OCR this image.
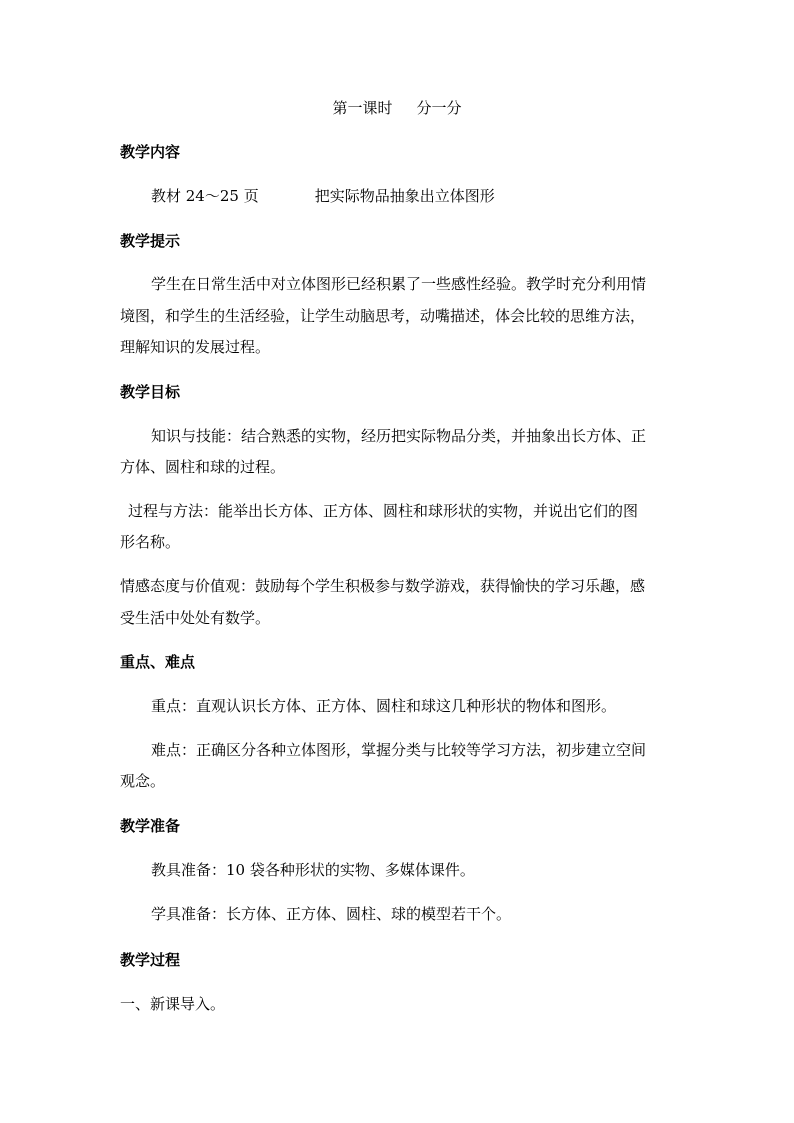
第一课时 分一分
教学内容
教材 24～25 页	把实际物品抽象出立体图形
教学提示
学生在日常生活中对立体图形已经积累了一些感性经验。教学时充分利用情
境图，和学生的生活经验，让学生动脑思考，动嘴描述，体会比较的思维方法，
理解知识的发展过程。
教学目标
知识与技能：结合熟悉的实物，经历把实际物品分类，并抽象出长方体、正
方体、圆柱和球的过程。
过程与方法：能举出长方体、正方体、圆柱和球形状的实物，并说出它们的图
形名称。
情感态度与价值观：鼓励每个学生积极参与数学游戏，获得愉快的学习乐趣，感
受生活中处处有数学。
重点、难点
重点：直观认识长方体、正方体、圆柱和球这几种形状的物体和图形。
难点：正确区分各种立体图形，掌握分类与比较等学习方法，初步建立空间
观念。
教学准备
教具准备：10 袋各种形状的实物、多媒体课件。
学具准备：长方体、正方体、圆柱、球的模型若干个。
教学过程
一、新课导入。
